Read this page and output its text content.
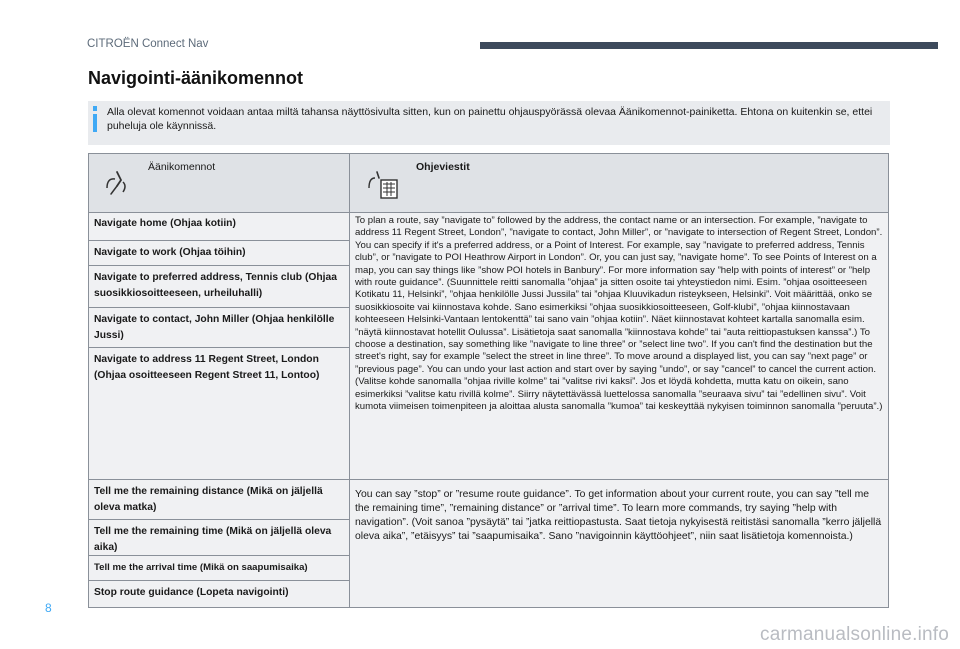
CITROËN Connect Nav
Navigointi-äänikomennot
Alla olevat komennot voidaan antaa miltä tahansa näyttösivulta sitten, kun on painettu ohjauspyörässä olevaa Äänikomennot-painiketta. Ehtona on kuitenkin se, ettei puheluja ole käynnissä.
Äänikomennot	Ohjeviestit
Navigate home (Ohjaa kotiin)
Navigate to work (Ohjaa töihin)
Navigate to preferred address, Tennis club (Ohjaa suosikkiosoitteeseen, urheiluhalli)
Navigate to contact, John Miller (Ohjaa henkilölle Jussi)
Navigate to address 11 Regent Street, London (Ohjaa osoitteeseen Regent Street 11, Lontoo)
To plan a route, say ”navigate to” followed by the address, the contact name or an intersection. For example, ”navigate to address 11 Regent Street, London”, ”navigate to contact, John Miller”, or ”navigate to intersection of Regent Street, London”. You can specify if it's a preferred address, or a Point of Interest. For example, say ”navigate to preferred address, Tennis club”, or ”navigate to POI Heathrow Airport in London”. Or, you can just say, ”navigate home”. To see Points of Interest on a map, you can say things like ”show POI hotels in Banbury”. For more information say ”help with points of interest” or ”help with route guidance”. (Suunnittele reitti sanomalla ”ohjaa” ja sitten osoite tai yhteystiedon nimi. Esim. ”ohjaa osoitteeseen Kotikatu 11, Helsinki”, ”ohjaa henkilölle Jussi Jussila” tai ”ohjaa Kluuvikadun risteykseen, Helsinki”. Voit määrittää, onko se suosikkiosoite vai kiinnostava kohde. Sano esimerkiksi ”ohjaa suosikkiosoitteeseen, Golf-klubi”, ”ohjaa kiinnostavaan kohteeseen Helsinki-Vantaan lentokenttä” tai sano vain ”ohjaa kotiin”. Näet kiinnostavat kohteet kartalla sanomalla esim. ”näytä kiinnostavat hotellit Oulussa”. Lisätietoja saat sanomalla ”kiinnostava kohde” tai ”auta reittiopastuksen kanssa”.) To choose a destination, say something like ”navigate to line three” or ”select line two”. If you can't find the destination but the street's right, say for example ”select the street in line three”. To move around a displayed list, you can say ”next page” or ”previous page”. You can undo your last action and start over by saying ”undo”, or say ”cancel” to cancel the current action. (Valitse kohde sanomalla ”ohjaa riville kolme” tai ”valitse rivi kaksi”. Jos et löydä kohdetta, mutta katu on oikein, sano esimerkiksi ”valitse katu rivillä kolme”. Siirry näytettävässä luettelossa sanomalla ”seuraava sivu” tai ”edellinen sivu”. Voit kumota viimeisen toimenpiteen ja aloittaa alusta sanomalla ”kumoa” tai keskeyttää nykyisen toiminnon sanomalla ”peruuta”.)
Tell me the remaining distance (Mikä on jäljellä oleva matka)
Tell me the remaining time (Mikä on jäljellä oleva aika)
Tell me the arrival time (Mikä on saapumisaika)
Stop route guidance (Lopeta navigointi)
You can say ”stop” or ”resume route guidance”. To get information about your current route, you can say ”tell me the remaining time”, ”remaining distance” or ”arrival time”. To learn more commands, try saying ”help with navigation”. (Voit sanoa ”pysäytä” tai ”jatka reittiopastusta. Saat tietoja nykyisestä reitistäsi sanomalla ”kerro jäljellä oleva aika”, ”etäisyys” tai ”saapumisaika”. Sano ”navigoinnin käyttöohjeet”, niin saat lisätietoja komennoista.)
8
carmanualsonline.info
